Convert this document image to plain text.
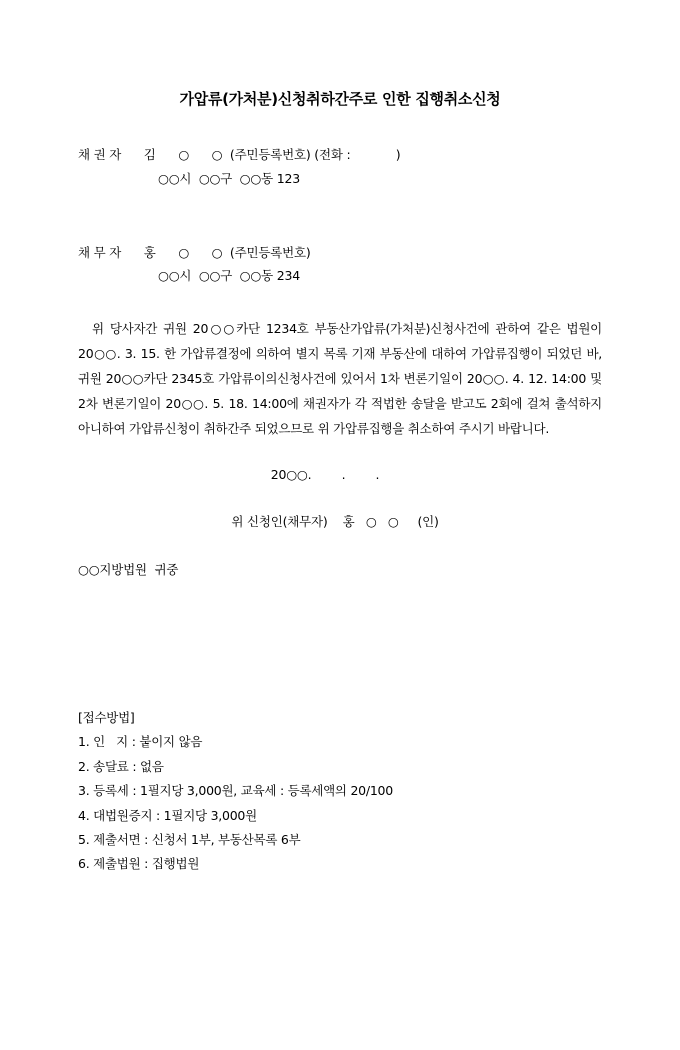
가압류(가처분)신청취하간주로 인한 집행취소신청
채 권 자      김      ○      ○  (주민등록번호) (전화 :            )
○○시  ○○구  ○○동 123
채 무 자      홍      ○      ○  (주민등록번호)
○○시  ○○구  ○○동 234
위 당사자간 귀원 20○○카단 1234호 부동산가압류(가처분)신청사건에 관하여 같은 법원이 20○○. 3. 15. 한 가압류결정에 의하여 별지 목록 기재 부동산에 대하여 가압류집행이 되었던 바, 귀원 20○○카단 2345호 가압류이의신청사건에 있어서 1차 변론기일이 20○○. 4. 12. 14:00 및 2차 변론기일이 20○○. 5. 18. 14:00에 채권자가 각 적법한 송달을 받고도 2회에 걸쳐 출석하지 아니하여 가압류신청이 취하간주 되었으므로 위 가압류집행을 취소하여 주시기 바랍니다.
20○○.        .        .
위 신청인(채무자)    홍   ○   ○     (인)
○○지방법원  귀중
[접수방법]
1. 인   지 : 붙이지 않음
2. 송달료 : 없음
3. 등록세 : 1필지당 3,000원, 교육세 : 등록세액의 20/100
4. 대법원증지 : 1필지당 3,000원
5. 제출서면 : 신청서 1부, 부동산목록 6부
6. 제출법원 : 집행법원
